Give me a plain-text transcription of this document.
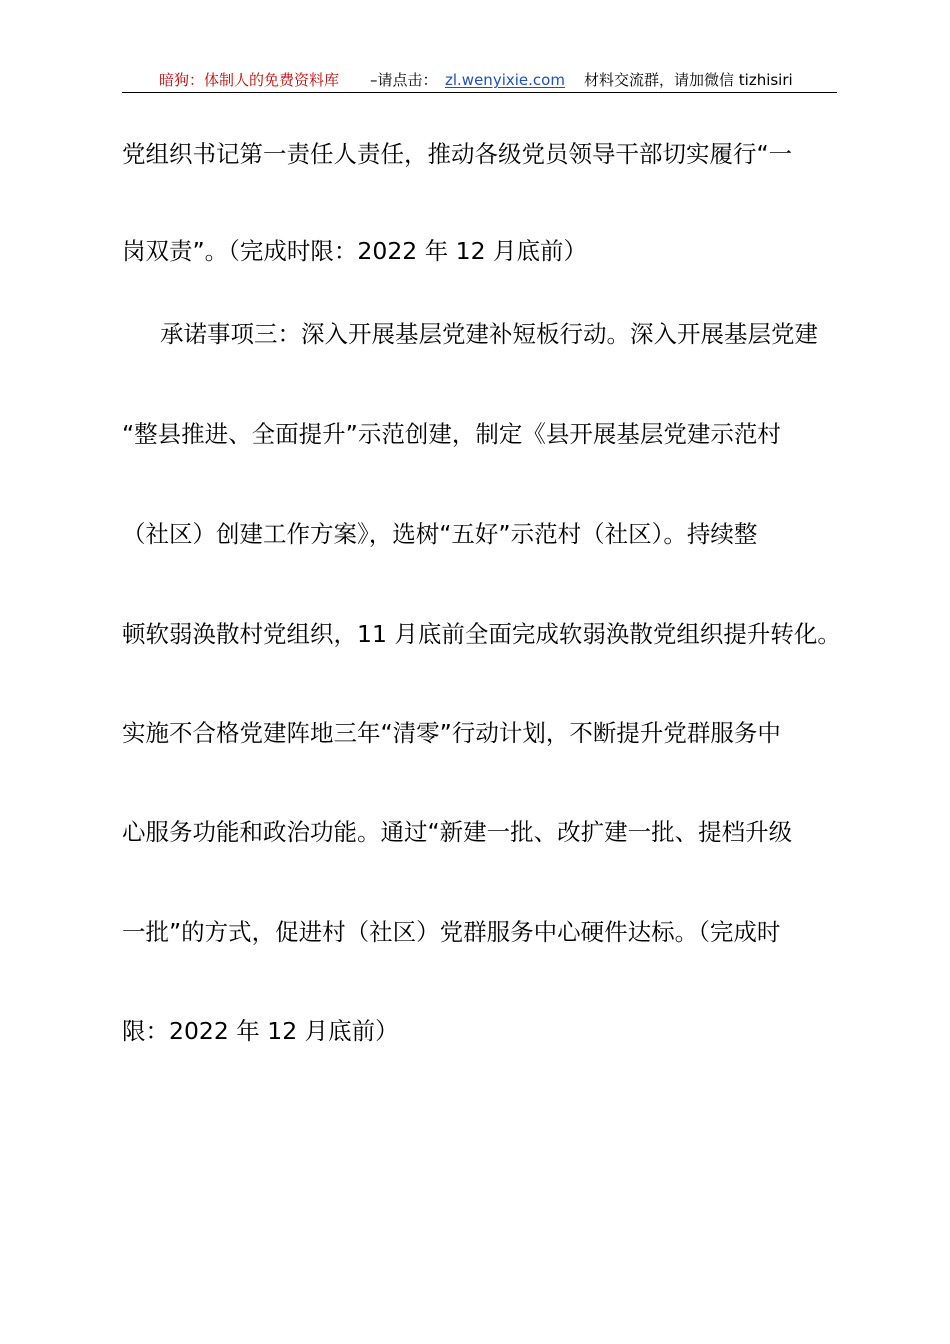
暗狗：体制人的免费资料库 –请点击： zl.wenyixie.com 材料交流群，请加微信 tizhisiri
党组织书记第一责任人责任，推动各级党员领导干部切实履行“一
岗双责”。（完成时限：2022 年 12 月底前）
承诺事项三：深入开展基层党建补短板行动。深入开展基层党建
“整县推进、全面提升”示范创建，制定《县开展基层党建示范村
（社区）创建工作方案》，选树“五好”示范村（社区）。持续整
顿软弱涣散村党组织，11 月底前全面完成软弱涣散党组织提升转化。
实施不合格党建阵地三年“清零”行动计划，不断提升党群服务中
心服务功能和政治功能。通过“新建一批、改扩建一批、提档升级
一批”的方式，促进村（社区）党群服务中心硬件达标。（完成时
限：2022 年 12 月底前）
